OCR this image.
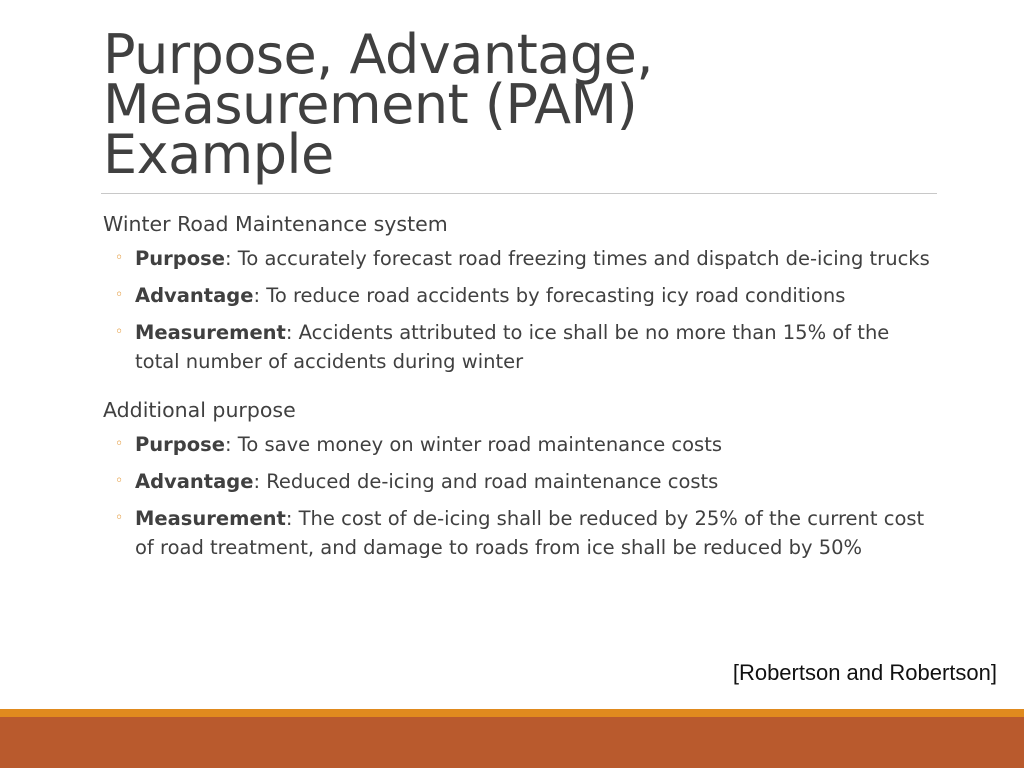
Purpose, Advantage,
Measurement (PAM)
Example
Winter Road Maintenance system
◦ Purpose: To accurately forecast road freezing times and dispatch de-icing trucks
◦ Advantage: To reduce road accidents by forecasting icy road conditions
◦ Measurement: Accidents attributed to ice shall be no more than 15% of the total number of accidents during winter
Additional purpose
◦ Purpose: To save money on winter road maintenance costs
◦ Advantage: Reduced de-icing and road maintenance costs
◦ Measurement: The cost of de-icing shall be reduced by 25% of the current cost of road treatment, and damage to roads from ice shall be reduced by 50%
[Robertson and Robertson]
